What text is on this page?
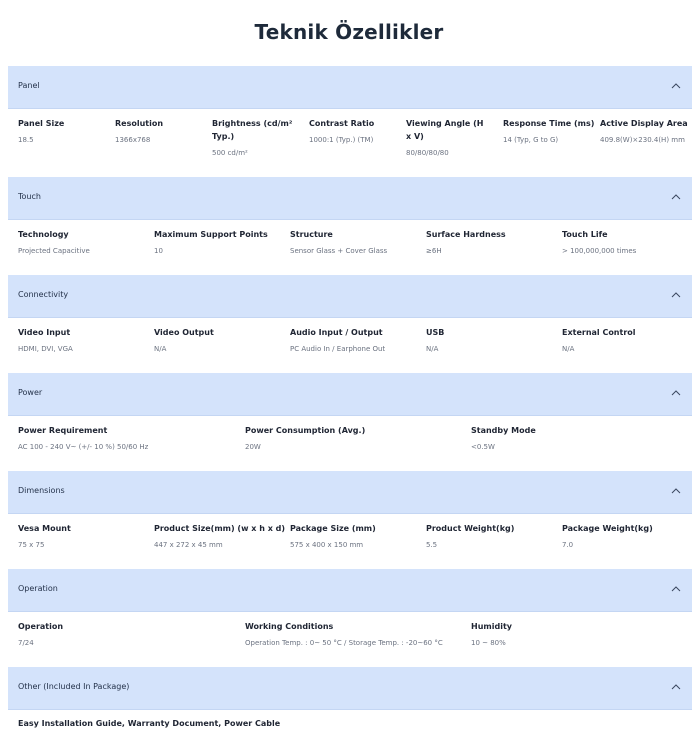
Teknik Özellikler
Panel
Panel Size
18.5
Resolution
1366x768
Brightness (cd/m² Typ.)
500 cd/m²
Contrast Ratio
1000:1 (Typ.) (TM)
Viewing Angle (H x V)
80/80/80/80
Response Time (ms)
14 (Typ, G to G)
Active Display Area
409.8(W)×230.4(H) mm
Touch
Technology
Projected Capacitive
Maximum Support Points
10
Structure
Sensor Glass + Cover Glass
Surface Hardness
≥6H
Touch Life
> 100,000,000 times
Connectivity
Video Input
HDMI, DVI, VGA
Video Output
N/A
Audio Input / Output
PC Audio In / Earphone Out
USB
N/A
External Control
N/A
Power
Power Requirement
AC 100 - 240 V~ (+/- 10 %) 50/60 Hz
Power Consumption (Avg.)
20W
Standby Mode
<0.5W
Dimensions
Vesa Mount
75 x 75
Product Size(mm) (w x h x d)
447 x 272 x 45 mm
Package Size (mm)
575 x 400 x 150 mm
Product Weight(kg)
5.5
Package Weight(kg)
7.0
Operation
Operation
7/24
Working Conditions
Operation Temp. : 0~ 50 °C / Storage Temp. : -20~60 °C
Humidity
10 ~ 80%
Other (Included In Package)
Easy Installation Guide, Warranty Document, Power Cable
